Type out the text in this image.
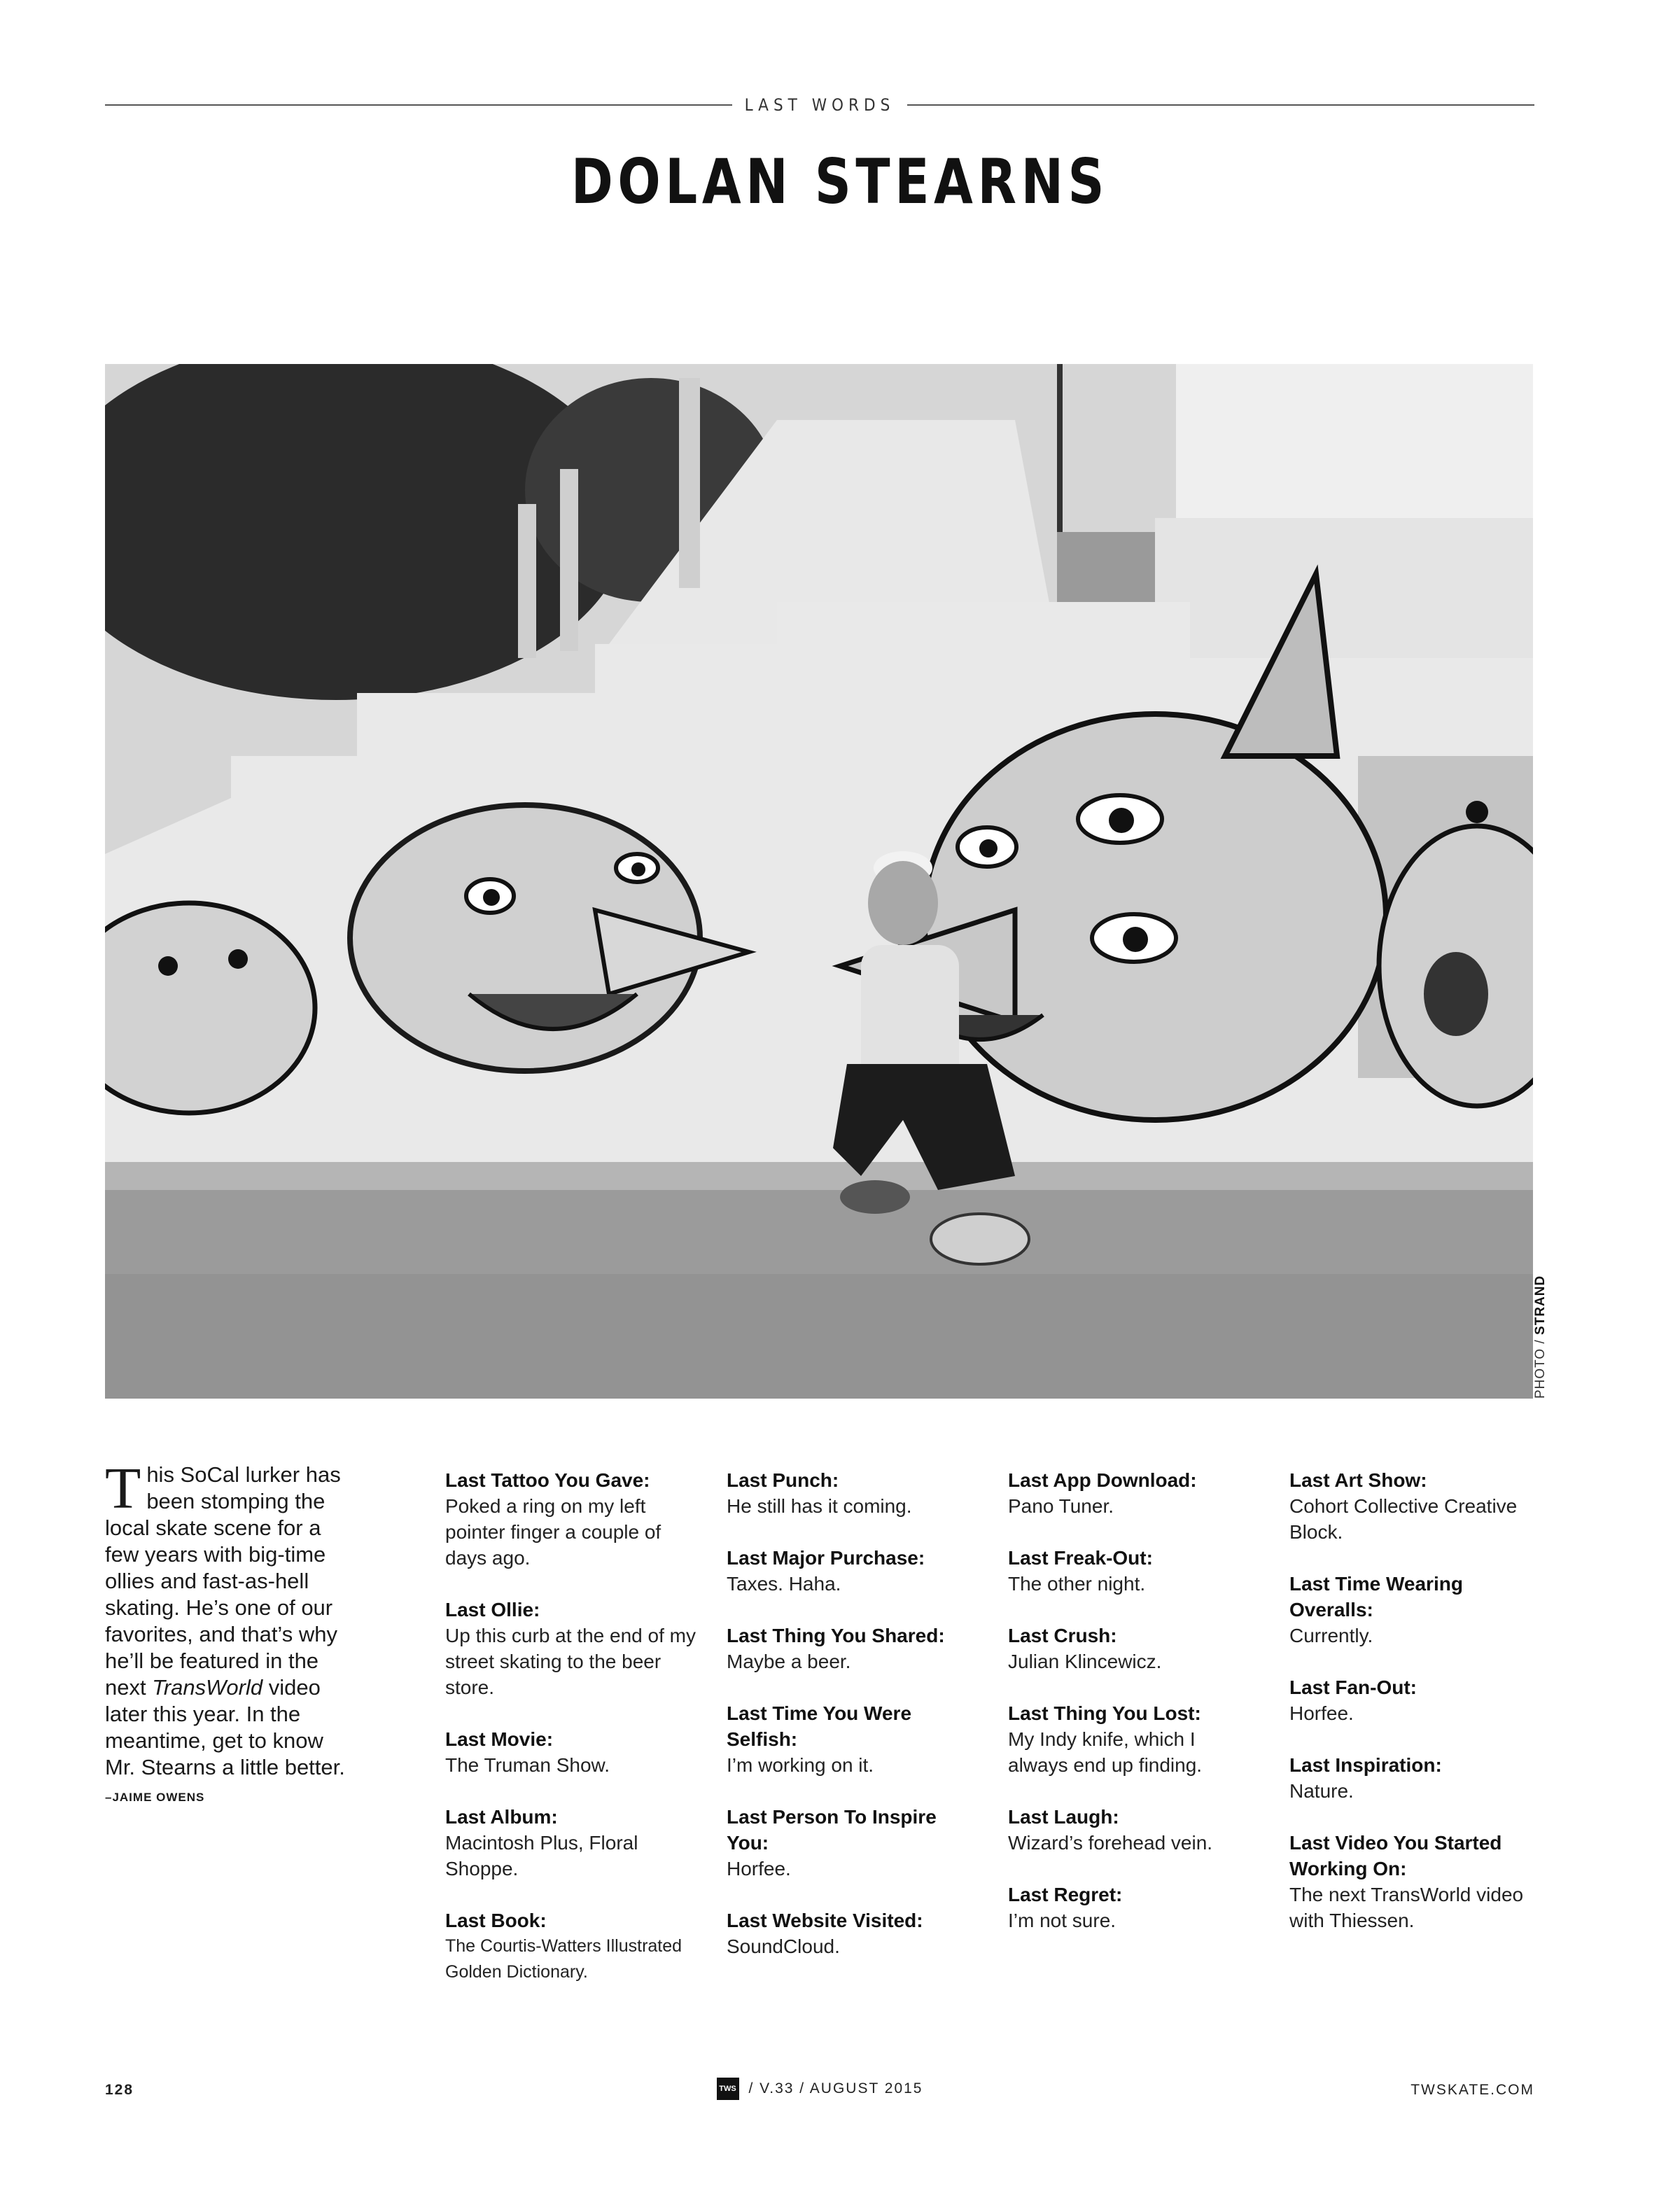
LAST WORDS
DOLAN STEARNS
PHOTO / STRAND
This SoCal lurker has been stomping the local skate scene for a few years with big-time ollies and fast-as-hell skating. He’s one of our favorites, and that’s why he’ll be featured in the next TransWorld video later this year. In the meantime, get to know Mr. Stearns a little better. –JAIME OWENS
Last Tattoo You Gave:
Poked a ring on my left pointer finger a couple of days ago.
Last Ollie:
Up this curb at the end of my street skating to the beer store.
Last Movie:
The Truman Show.
Last Album:
Macintosh Plus, Floral Shoppe.
Last Book:
The Courtis-Watters Illustrated Golden Dictionary.
Last Punch:
He still has it coming.
Last Major Purchase:
Taxes. Haha.
Last Thing You Shared:
Maybe a beer.
Last Time You Were Selfish:
I’m working on it.
Last Person To Inspire You:
Horfee.
Last Website Visited:
SoundCloud.
Last App Download:
Pano Tuner.
Last Freak-Out:
The other night.
Last Crush:
Julian Klincewicz.
Last Thing You Lost:
My Indy knife, which I always end up finding.
Last Laugh:
Wizard’s forehead vein.
Last Regret:
I’m not sure.
Last Art Show:
Cohort Collective Creative Block.
Last Time Wearing Overalls:
Currently.
Last Fan-Out:
Horfee.
Last Inspiration:
Nature.
Last Video You Started Working On:
The next TransWorld video with Thiessen.
128	TWS / V.33 / AUGUST 2015	TWSKATE.COM
